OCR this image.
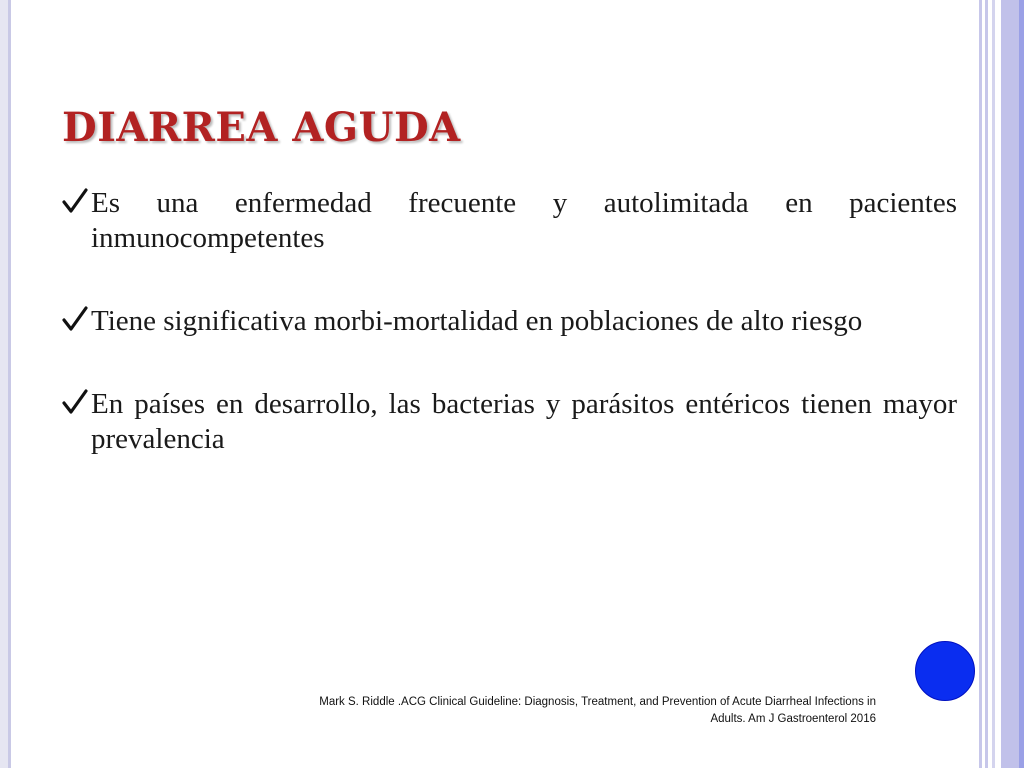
DIARREA AGUDA
Es una enfermedad frecuente y autolimitada en pacientes inmunocompetentes
Tiene significativa morbi-mortalidad en poblaciones de alto riesgo
En países en desarrollo, las bacterias y parásitos entéricos tienen mayor prevalencia

Mark S. Riddle .ACG Clinical Guideline: Diagnosis, Treatment, and Prevention of Acute Diarrheal Infections in
Adults. Am J Gastroenterol 2016
